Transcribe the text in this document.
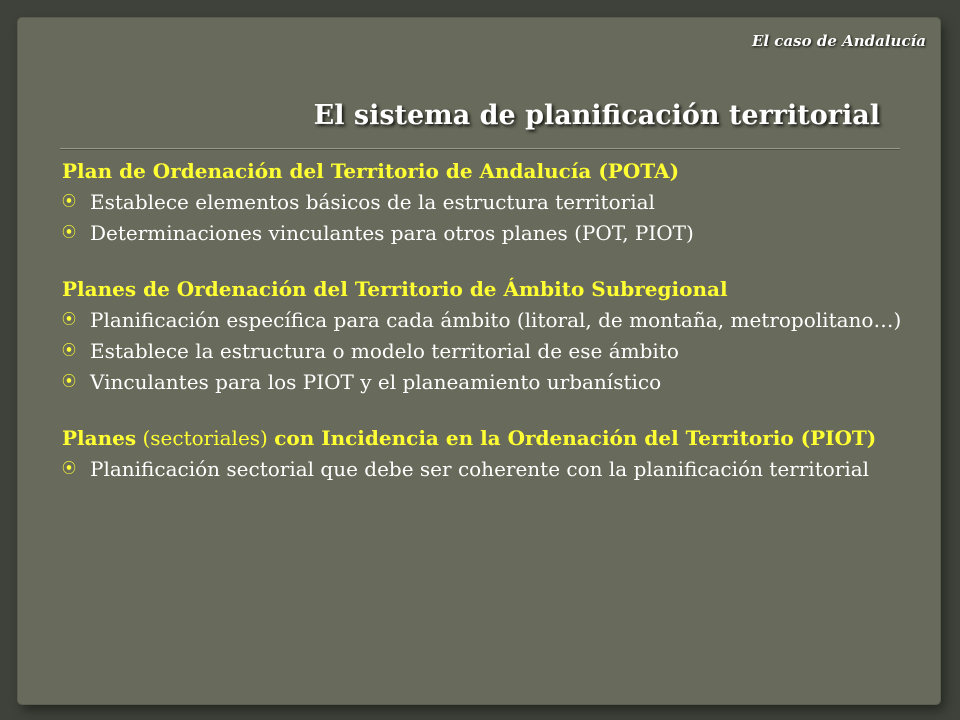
El caso de Andalucía
El sistema de planificación territorial
Plan de Ordenación del Territorio de Andalucía (POTA)
⦿ Establece elementos básicos de la estructura territorial
⦿ Determinaciones vinculantes para otros planes (POT, PIOT)
Planes de Ordenación del Territorio de Ámbito Subregional
⦿ Planificación específica para cada ámbito (litoral, de montaña, metropolitano…)
⦿ Establece la estructura o modelo territorial de ese ámbito
⦿ Vinculantes para los PIOT y el planeamiento urbanístico
Planes (sectoriales) con Incidencia en la Ordenación del Territorio (PIOT)
⦿ Planificación sectorial que debe ser coherente con la planificación territorial
